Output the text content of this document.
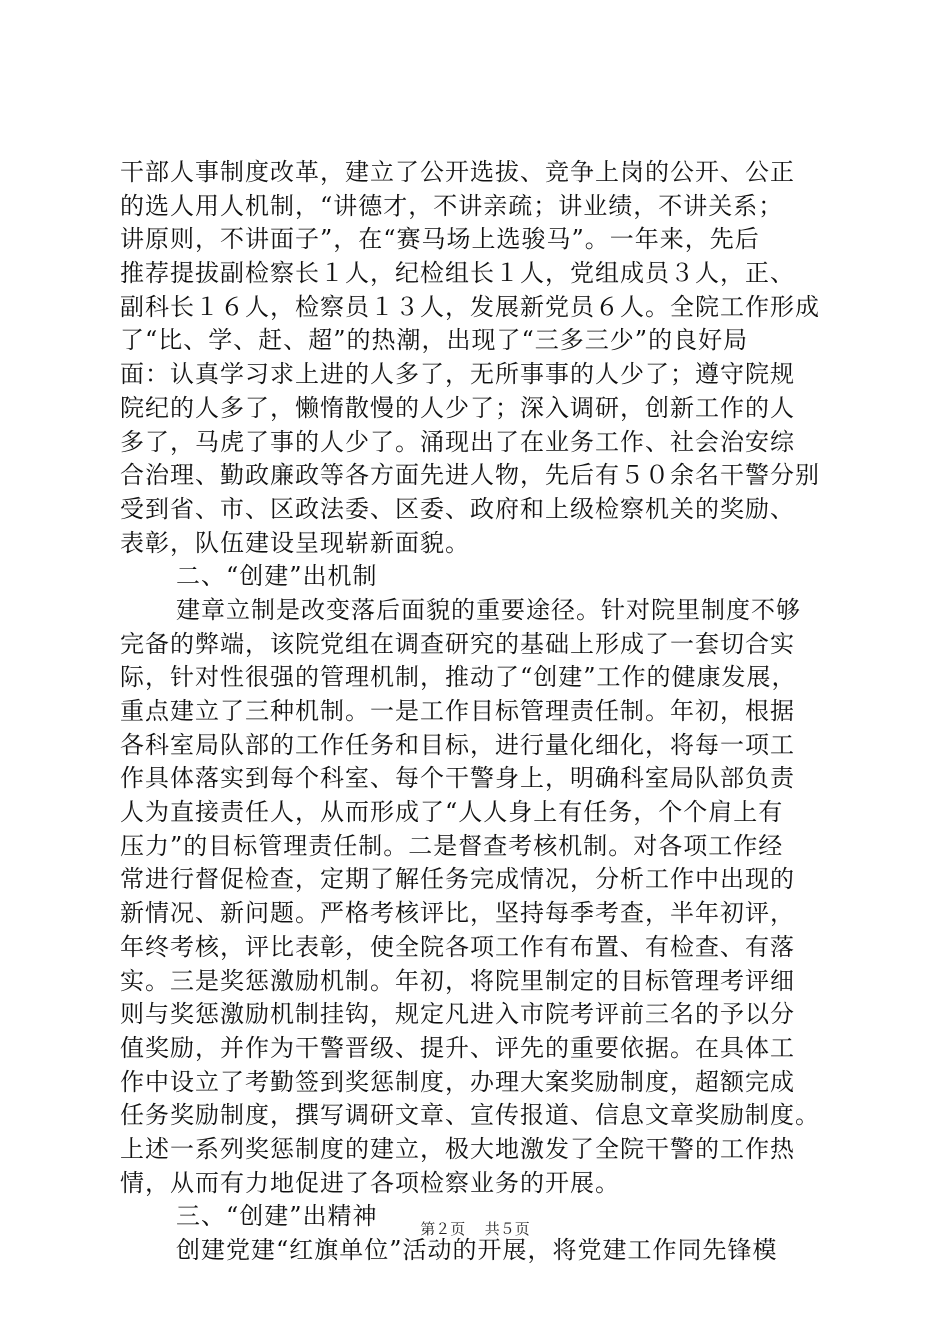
干部人事制度改革，建立了公开选拔、竞争上岗的公开、公正
的选人用人机制，“讲德才，不讲亲疏；讲业绩，不讲关系；
讲原则，不讲面子”，在“赛马场上选骏马”。一年来，先后
推荐提拔副检察长１人，纪检组长１人，党组成员３人，正、
副科长１６人，检察员１３人，发展新党员６人。全院工作形成
了“比、学、赶、超”的热潮，出现了“三多三少”的良好局
面：认真学习求上进的人多了，无所事事的人少了；遵守院规
院纪的人多了，懒惰散慢的人少了；深入调研，创新工作的人
多了，马虎了事的人少了。涌现出了在业务工作、社会治安综
合治理、勤政廉政等各方面先进人物，先后有５０余名干警分别
受到省、市、区政法委、区委、政府和上级检察机关的奖励、
表彰，队伍建设呈现崭新面貌。
二、“创建”出机制
建章立制是改变落后面貌的重要途径。针对院里制度不够
完备的弊端，该院党组在调查研究的基础上形成了一套切合实
际，针对性很强的管理机制，推动了“创建”工作的健康发展，
重点建立了三种机制。一是工作目标管理责任制。年初，根据
各科室局队部的工作任务和目标，进行量化细化，将每一项工
作具体落实到每个科室、每个干警身上，明确科室局队部负责
人为直接责任人，从而形成了“人人身上有任务，个个肩上有
压力”的目标管理责任制。二是督查考核机制。对各项工作经
常进行督促检查，定期了解任务完成情况，分析工作中出现的
新情况、新问题。严格考核评比，坚持每季考查，半年初评，
年终考核，评比表彰，使全院各项工作有布置、有检查、有落
实。三是奖惩激励机制。年初，将院里制定的目标管理考评细
则与奖惩激励机制挂钩，规定凡进入市院考评前三名的予以分
值奖励，并作为干警晋级、提升、评先的重要依据。在具体工
作中设立了考勤签到奖惩制度，办理大案奖励制度，超额完成
任务奖励制度，撰写调研文章、宣传报道、信息文章奖励制度。
上述一系列奖惩制度的建立，极大地激发了全院干警的工作热
情，从而有力地促进了各项检察业务的开展。
三、“创建”出精神
创建党建“红旗单位”活动的开展，将党建工作同先锋模
第２页 共５页
